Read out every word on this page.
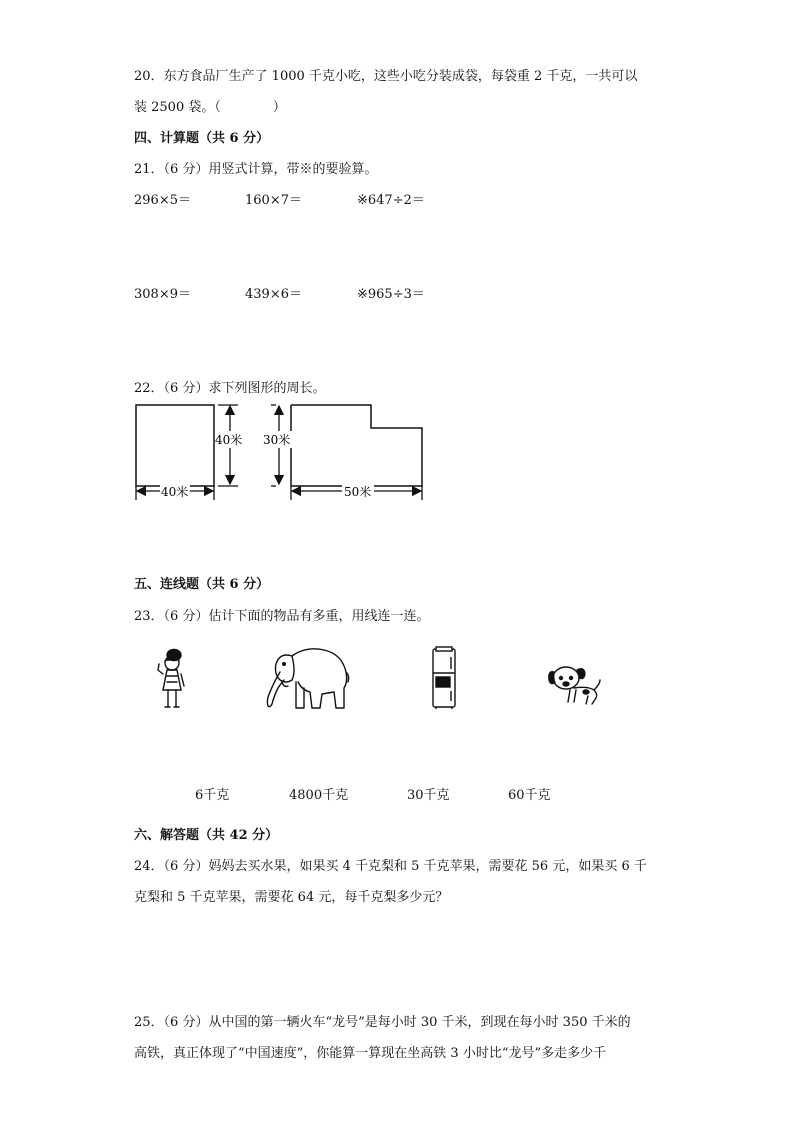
20．东方食品厂生产了 1000 千克小吃，这些小吃分装成袋，每袋重 2 千克，一共可以
装 2500 袋。（　　　　）
四、计算题（共 6 分）
21．（6 分）用竖式计算，带※的要验算。
296×5＝	160×7＝	※647÷2＝
308×9＝	439×6＝	※965÷3＝
22．（6 分）求下列图形的周长。
40米
40米
30米
50米
五、连线题（共 6 分）
23．（6 分）估计下面的物品有多重，用线连一连。
6千克	4800千克	30千克	60千克
六、解答题（共 42 分）
24．（6 分）妈妈去买水果，如果买 4 千克梨和 5 千克苹果，需要花 56 元，如果买 6 千
克梨和 5 千克苹果，需要花 64 元，每千克梨多少元？
25．（6 分）从中国的第一辆火车“龙号”是每小时 30 千米，到现在每小时 350 千米的
高铁，真正体现了“中国速度”，你能算一算现在坐高铁 3 小时比“龙号”多走多少千
